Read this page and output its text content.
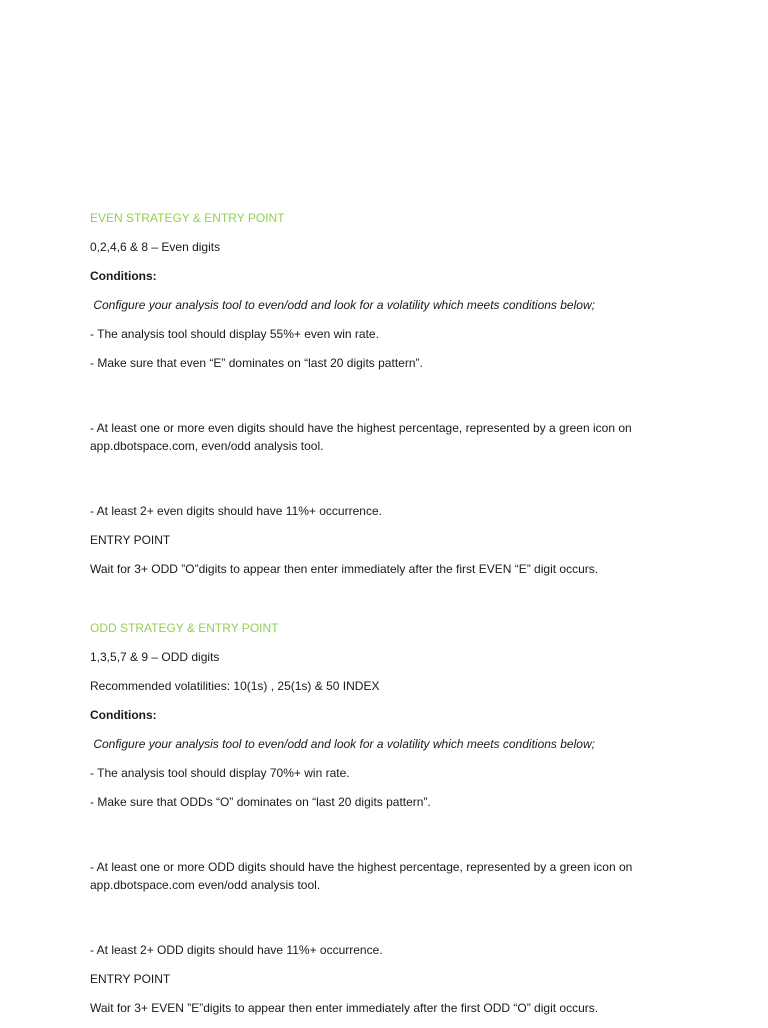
EVEN STRATEGY & ENTRY POINT

0,2,4,6 & 8 – Even digits

Conditions:

Configure your analysis tool to even/odd and look for a volatility which meets conditions below;

- The analysis tool should display 55%+ even win rate.

- Make sure that even “E” dominates on “last 20 digits pattern”.

- At least one or more even digits should have the highest percentage, represented by a green icon on
app.dbotspace.com, even/odd analysis tool.

- At least 2+ even digits should have 11%+ occurrence.

ENTRY POINT

Wait for 3+ ODD ”O”digits to appear then enter immediately after the first EVEN “E” digit occurs.

ODD STRATEGY & ENTRY POINT

1,3,5,7 & 9 – ODD digits

Recommended volatilities: 10(1s) , 25(1s) & 50 INDEX

Conditions:

Configure your analysis tool to even/odd and look for a volatility which meets conditions below;

- The analysis tool should display 70%+ win rate.

- Make sure that ODDs “O” dominates on “last 20 digits pattern”.

- At least one or more ODD digits should have the highest percentage, represented by a green icon on
app.dbotspace.com even/odd analysis tool.

- At least 2+ ODD digits should have 11%+ occurrence.

ENTRY POINT

Wait for 3+ EVEN ”E”digits to appear then enter immediately after the first ODD “O” digit occurs.
